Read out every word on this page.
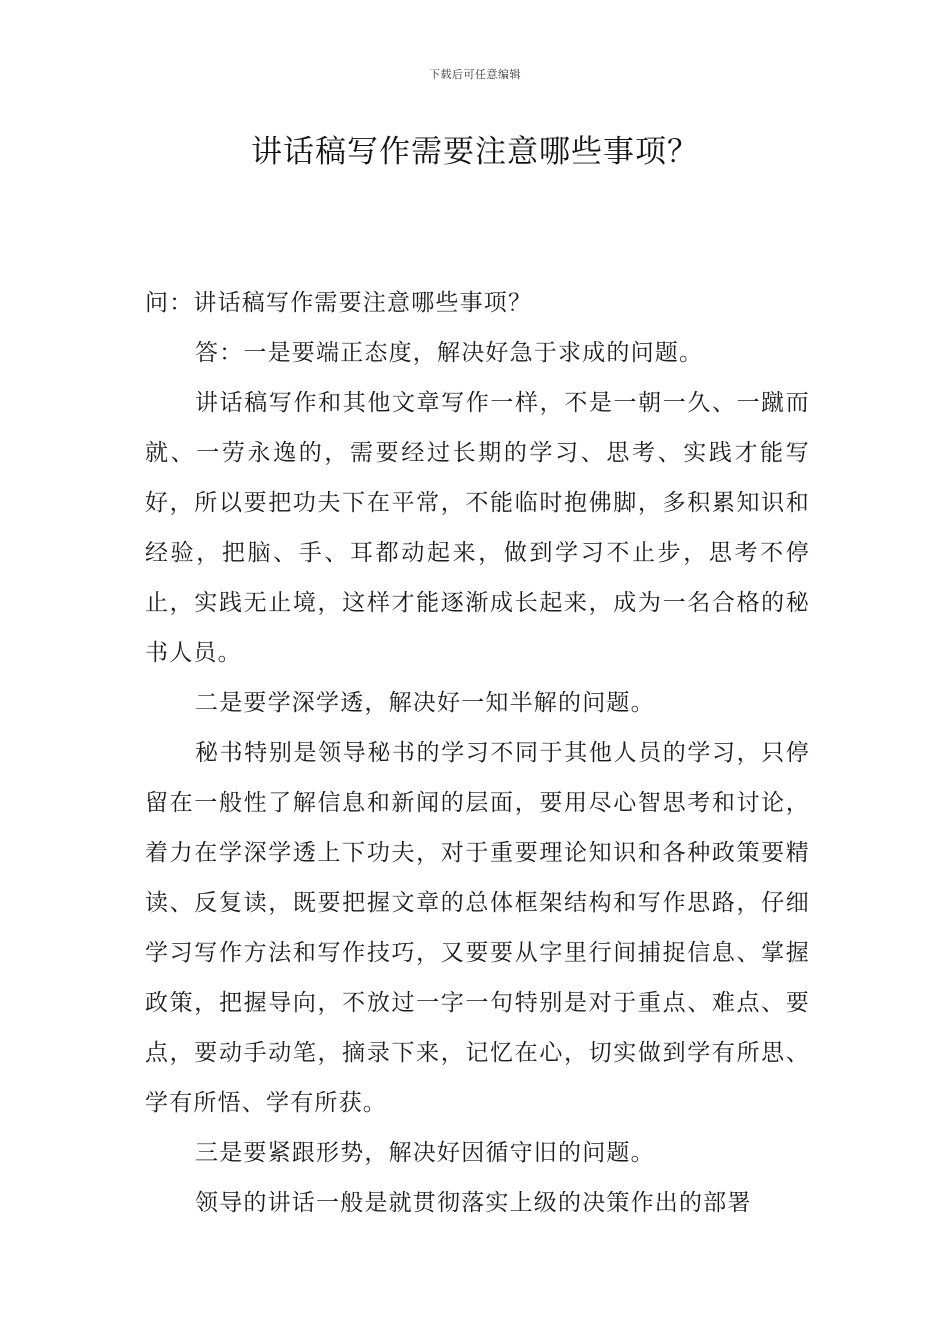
下载后可任意编辑
讲话稿写作需要注意哪些事项？

问：讲话稿写作需要注意哪些事项？

答：一是要端正态度，解决好急于求成的问题。

讲话稿写作和其他文章写作一样，不是一朝一久、一蹴而就、一劳永逸的，需要经过长期的学习、思考、实践才能写好，所以要把功夫下在平常，不能临时抱佛脚，多积累知识和经验，把脑、手、耳都动起来，做到学习不止步，思考不停止，实践无止境，这样才能逐渐成长起来，成为一名合格的秘书人员。

二是要学深学透，解决好一知半解的问题。

秘书特别是领导秘书的学习不同于其他人员的学习，只停留在一般性了解信息和新闻的层面，要用尽心智思考和讨论，着力在学深学透上下功夫，对于重要理论知识和各种政策要精读、反复读，既要把握文章的总体框架结构和写作思路，仔细学习写作方法和写作技巧，又要要从字里行间捕捉信息、掌握政策，把握导向，不放过一字一句特别是对于重点、难点、要点，要动手动笔，摘录下来，记忆在心，切实做到学有所思、学有所悟、学有所获。

三是要紧跟形势，解决好因循守旧的问题。

领导的讲话一般是就贯彻落实上级的决策作出的部署
